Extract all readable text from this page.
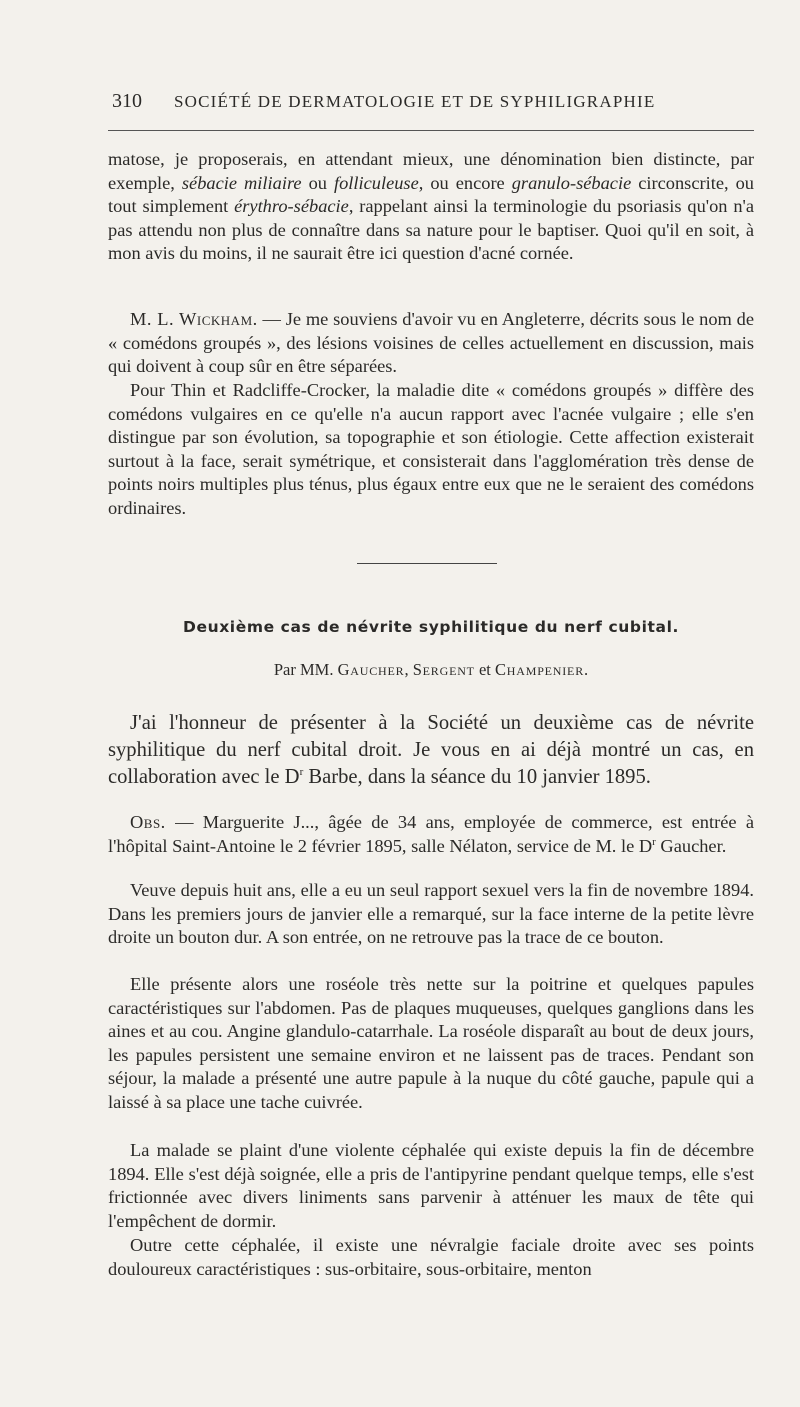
310 SOCIÉTÉ DE DERMATOLOGIE ET DE SYPHILIGRAPHIE
matose, je proposerais, en attendant mieux, une dénomination bien distincte, par exemple, sébacie miliaire ou folliculeuse, ou encore granulo-sébacie circonscrite, ou tout simplement érythro-sébacie, rappelant ainsi la terminologie du psoriasis qu'on n'a pas attendu non plus de connaître dans sa nature pour le baptiser. Quoi qu'il en soit, à mon avis du moins, il ne saurait être ici question d'acné cornée.
M. L. Wickham. — Je me souviens d'avoir vu en Angleterre, décrits sous le nom de « comédons groupés », des lésions voisines de celles actuellement en discussion, mais qui doivent à coup sûr en être séparées.
Pour Thin et Radcliffe-Crocker, la maladie dite « comédons groupés » diffère des comédons vulgaires en ce qu'elle n'a aucun rapport avec l'acnée vulgaire ; elle s'en distingue par son évolution, sa topographie et son étiologie. Cette affection existerait surtout à la face, serait symétrique, et consisterait dans l'agglomération très dense de points noirs multiples plus ténus, plus égaux entre eux que ne le seraient des comédons ordinaires.
Deuxième cas de névrite syphilitique du nerf cubital.
Par MM. Gaucher, Sergent et Champenier.
J'ai l'honneur de présenter à la Société un deuxième cas de névrite syphilitique du nerf cubital droit. Je vous en ai déjà montré un cas, en collaboration avec le $D^r$ Barbe, dans la séance du 10 janvier 1895.
Obs. — Marguerite J..., âgée de 34 ans, employée de commerce, est entrée à l'hôpital Saint-Antoine le 2 février 1895, salle Nélaton, service de M. le $D^r$ Gaucher.
Veuve depuis huit ans, elle a eu un seul rapport sexuel vers la fin de novembre 1894. Dans les premiers jours de janvier elle a remarqué, sur la face interne de la petite lèvre droite un bouton dur. A son entrée, on ne retrouve pas la trace de ce bouton.
Elle présente alors une roséole très nette sur la poitrine et quelques papules caractéristiques sur l'abdomen. Pas de plaques muqueuses, quelques ganglions dans les aines et au cou. Angine glandulo-catarrhale. La roséole disparaît au bout de deux jours, les papules persistent une semaine environ et ne laissent pas de traces. Pendant son séjour, la malade a présenté une autre papule à la nuque du côté gauche, papule qui a laissé à sa place une tache cuivrée.
La malade se plaint d'une violente céphalée qui existe depuis la fin de décembre 1894. Elle s'est déjà soignée, elle a pris de l'antipyrine pendant quelque temps, elle s'est frictionnée avec divers liniments sans parvenir à atténuer les maux de tête qui l'empêchent de dormir.
Outre cette céphalée, il existe une névralgie faciale droite avec ses points douloureux caractéristiques : sus-orbitaire, sous-orbitaire, menton
